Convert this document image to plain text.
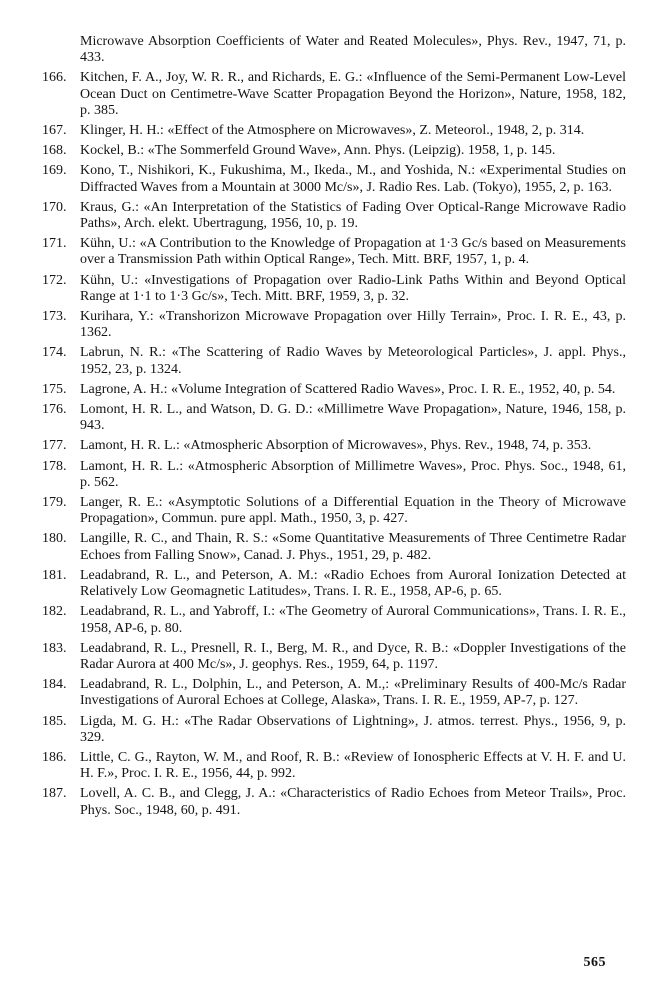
Microwave Absorption Coefficients of Water and Reated Molecules», Phys. Rev., 1947, 71, p. 433.

166. Kitchen, F. A., Joy, W. R. R., and Richards, E. G.: «Influence of the Semi-Permanent Low-Level Ocean Duct on Centimetre-Wave Scatter Propagation Beyond the Horizon», Nature, 1958, 182, p. 385.
167. Klinger, H. H.: «Effect of the Atmosphere on Microwaves», Z. Meteorol., 1948, 2, p. 314.
168. Kockel, B.: «The Sommerfeld Ground Wave», Ann. Phys. (Leipzig). 1958, 1, p. 145.
169. Kono, T., Nishikori, K., Fukushima, M., Ikeda., M., and Yoshida, N.: «Experimental Studies on Diffracted Waves from a Mountain at 3000 Mc/s», J. Radio Res. Lab. (Tokyo), 1955, 2, p. 163.
170. Kraus, G.: «An Interpretation of the Statistics of Fading Over Optical-Range Microwave Radio Paths», Arch. elekt. Ubertragung, 1956, 10, p. 19.
171. Kühn, U.: «A Contribution to the Knowledge of Propagation at 1·3 Gc/s based on Measurements over a Transmission Path within Optical Range», Tech. Mitt. BRF, 1957, 1, p. 4.
172. Kühn, U.: «Investigations of Propagation over Radio-Link Paths Within and Beyond Optical Range at 1·1 to 1·3 Gc/s», Tech. Mitt. BRF, 1959, 3, p. 32.
173. Kurihara, Y.: «Transhorizon Microwave Propagation over Hilly Terrain», Proc. I. R. E., 43, p. 1362.
174. Labrun, N. R.: «The Scattering of Radio Waves by Meteorological Particles», J. appl. Phys., 1952, 23, p. 1324.
175. Lagrone, A. H.: «Volume Integration of Scattered Radio Waves», Proc. I. R. E., 1952, 40, p. 54.
176. Lomont, H. R. L., and Watson, D. G. D.: «Millimetre Wave Propagation», Nature, 1946, 158, p. 943.
177. Lamont, H. R. L.: «Atmospheric Absorption of Microwaves», Phys. Rev., 1948, 74, p. 353.
178. Lamont, H. R. L.: «Atmospheric Absorption of Millimetre Waves», Proc. Phys. Soc., 1948, 61, p. 562.
179. Langer, R. E.: «Asymptotic Solutions of a Differential Equation in the Theory of Microwave Propagation», Commun. pure appl. Math., 1950, 3, p. 427.
180. Langille, R. C., and Thain, R. S.: «Some Quantitative Measurements of Three Centimetre Radar Echoes from Falling Snow», Canad. J. Phys., 1951, 29, p. 482.
181. Leadabrand, R. L., and Peterson, A. M.: «Radio Echoes from Auroral Ionization Detected at Relatively Low Geomagnetic Latitudes», Trans. I. R. E., 1958, AP-6, p. 65.
182. Leadabrand, R. L., and Yabroff, I.: «The Geometry of Auroral Communications», Trans. I. R. E., 1958, AP-6, p. 80.
183. Leadabrand, R. L., Presnell, R. I., Berg, M. R., and Dyce, R. B.: «Doppler Investigations of the Radar Aurora at 400 Mc/s», J. geophys. Res., 1959, 64, p. 1197.
184. Leadabrand, R. L., Dolphin, L., and Peterson, A. M.,: «Preliminary Results of 400-Mc/s Radar Investigations of Auroral Echoes at College, Alaska», Trans. I. R. E., 1959, AP-7, p. 127.
185. Ligda, M. G. H.: «The Radar Observations of Lightning», J. atmos. terrest. Phys., 1956, 9, p. 329.
186. Little, C. G., Rayton, W. M., and Roof, R. B.: «Review of Ionospheric Effects at V. H. F. and U. H. F.», Proc. I. R. E., 1956, 44, p. 992.
187. Lovell, A. C. B., and Clegg, J. A.: «Characteristics of Radio Echoes from Meteor Trails», Proc. Phys. Soc., 1948, 60, p. 491.
565
